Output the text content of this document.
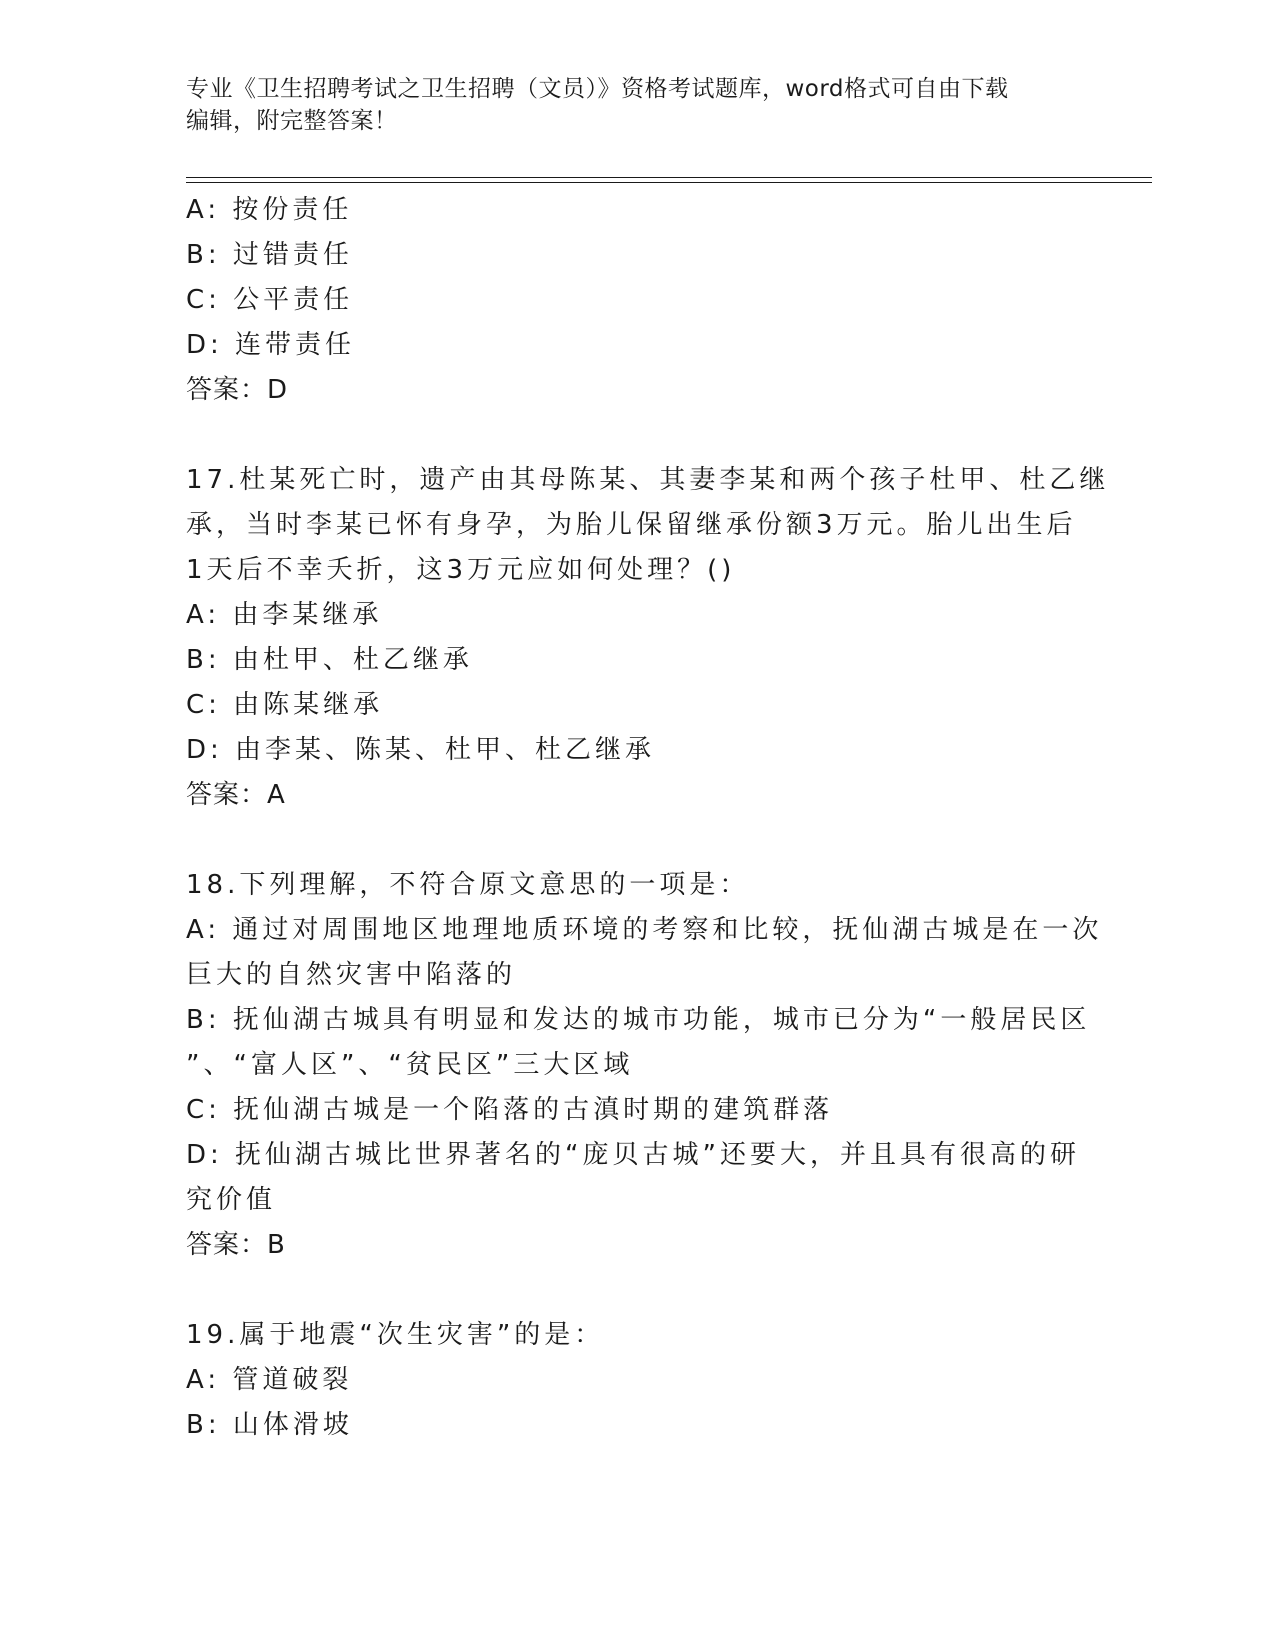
专业《卫生招聘考试之卫生招聘（文员）》资格考试题库，word格式可自由下载
编辑，附完整答案！
A: 按份责任
B: 过错责任
C: 公平责任
D: 连带责任
答案：D
17.杜某死亡时，遗产由其母陈某、其妻李某和两个孩子杜甲、杜乙继
承，当时李某已怀有身孕，为胎儿保留继承份额3万元。胎儿出生后
1天后不幸夭折，这3万元应如何处理？()
A: 由李某继承
B: 由杜甲、杜乙继承
C: 由陈某继承
D: 由李某、陈某、杜甲、杜乙继承
答案：A
18.下列理解，不符合原文意思的一项是：
A: 通过对周围地区地理地质环境的考察和比较，抚仙湖古城是在一次
巨大的自然灾害中陷落的
B: 抚仙湖古城具有明显和发达的城市功能，城市已分为“一般居民区
”、“富人区”、“贫民区”三大区域
C: 抚仙湖古城是一个陷落的古滇时期的建筑群落
D: 抚仙湖古城比世界著名的“庞贝古城”还要大，并且具有很高的研
究价值
答案：B
19.属于地震“次生灾害”的是：
A: 管道破裂
B: 山体滑坡
